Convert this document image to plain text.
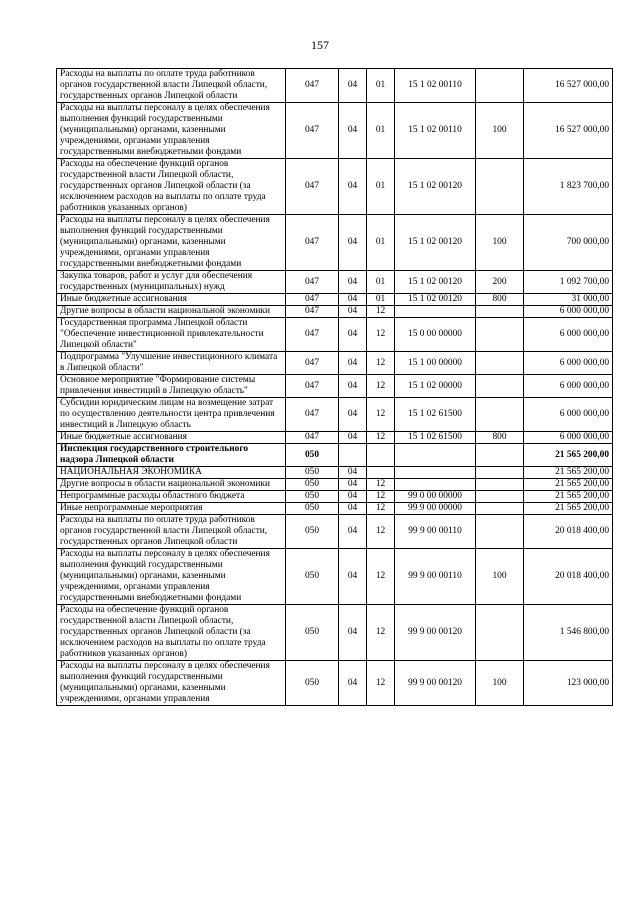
157
Расходы на выплаты по оплате труда работников органов государственной власти Липецкой области, государственных органов Липецкой области	047	04	01	15 1 02 00110		16 527 000,00
Расходы на выплаты персоналу в целях обеспечения выполнения функций государственными (муниципальными) органами, казенными учреждениями, органами управления государственными внебюджетными фондами	047	04	01	15 1 02 00110	100	16 527 000,00
Расходы на обеспечение функций органов государственной власти Липецкой области, государственных органов Липецкой области (за исключением расходов на выплаты по оплате труда работников указанных органов)	047	04	01	15 1 02 00120		1 823 700,00
Расходы на выплаты персоналу в целях обеспечения выполнения функций государственными (муниципальными) органами, казенными учреждениями, органами управления государственными внебюджетными фондами	047	04	01	15 1 02 00120	100	700 000,00
Закупка товаров, работ и услуг для обеспечения государственных (муниципальных) нужд	047	04	01	15 1 02 00120	200	1 092 700,00
Иные бюджетные ассигнования	047	04	01	15 1 02 00120	800	31 000,00
Другие вопросы в области национальной экономики	047	04	12			6 000 000,00
Государственная программа Липецкой области "Обеспечение инвестиционной привлекательности Липецкой области"	047	04	12	15 0 00 00000		6 000 000,00
Подпрограмма "Улучшение инвестиционного климата в Липецкой области"	047	04	12	15 1 00 00000		6 000 000,00
Основное мероприятие "Формирование системы привлечения инвестиций в Липецкую область"	047	04	12	15 1 02 00000		6 000 000,00
Субсидии юридическим лицам на возмещение затрат по осуществлению деятельности центра привлечения инвестиций в Липецкую область	047	04	12	15 1 02 61500		6 000 000,00
Иные бюджетные ассигнования	047	04	12	15 1 02 61500	800	6 000 000,00
Инспекция государственного строительного надзора Липецкой области	050					21 565 200,00
НАЦИОНАЛЬНАЯ ЭКОНОМИКА	050	04				21 565 200,00
Другие вопросы в области национальной экономики	050	04	12			21 565 200,00
Непрограммные расходы областного бюджета	050	04	12	99 0 00 00000		21 565 200,00
Иные непрограммные мероприятия	050	04	12	99 9 00 00000		21 565 200,00
Расходы на выплаты по оплате труда работников органов государственной власти Липецкой области, государственных органов Липецкой области	050	04	12	99 9 00 00110		20 018 400,00
Расходы на выплаты персоналу в целях обеспечения выполнения функций государственными (муниципальными) органами, казенными учреждениями, органами управления государственными внебюджетными фондами	050	04	12	99 9 00 00110	100	20 018 400,00
Расходы на обеспечение функций органов государственной власти Липецкой области, государственных органов Липецкой области (за исключением расходов на выплаты по оплате труда работников указанных органов)	050	04	12	99 9 00 00120		1 546 800,00
Расходы на выплаты персоналу в целях обеспечения выполнения функций государственными (муниципальными) органами, казенными учреждениями, органами управления	050	04	12	99 9 00 00120	100	123 000,00
